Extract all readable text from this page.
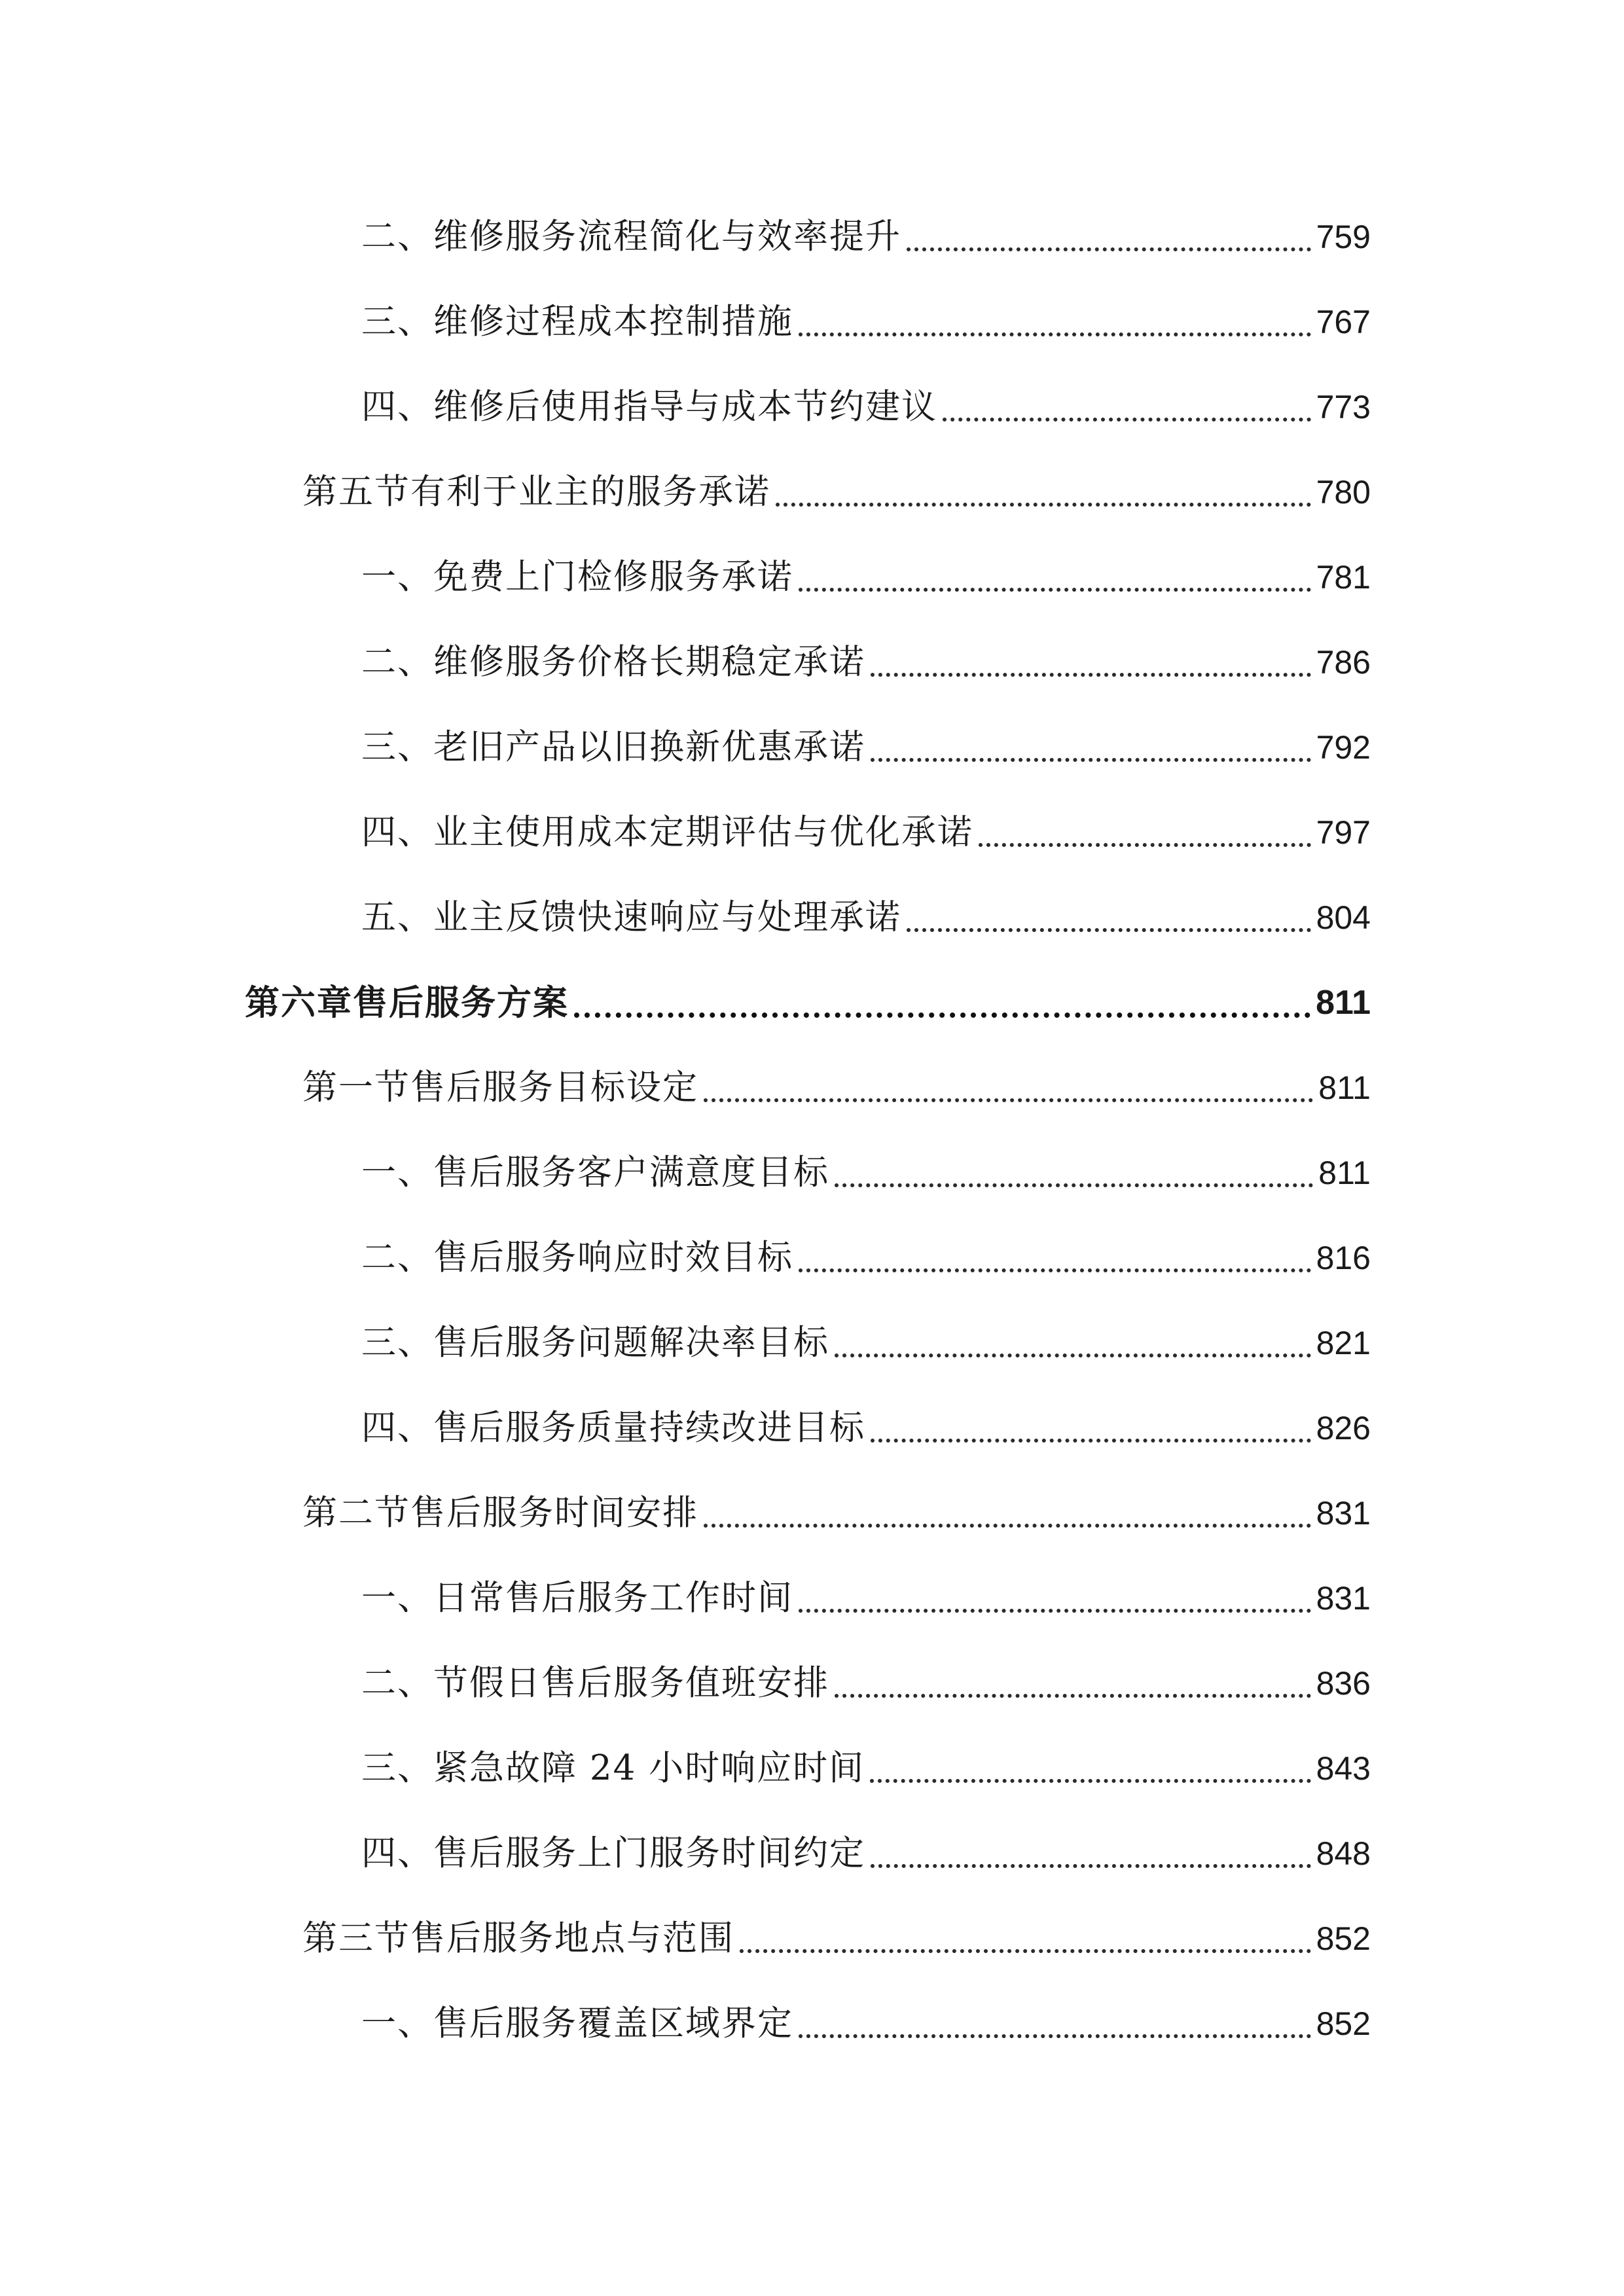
二、维修服务流程简化与效率提升	759
三、维修过程成本控制措施	767
四、维修后使用指导与成本节约建议	773
第五节有利于业主的服务承诺	780
一、免费上门检修服务承诺	781
二、维修服务价格长期稳定承诺	786
三、老旧产品以旧换新优惠承诺	792
四、业主使用成本定期评估与优化承诺	797
五、业主反馈快速响应与处理承诺	804
第六章售后服务方案	811
第一节售后服务目标设定	811
一、售后服务客户满意度目标	811
二、售后服务响应时效目标	816
三、售后服务问题解决率目标	821
四、售后服务质量持续改进目标	826
第二节售后服务时间安排	831
一、日常售后服务工作时间	831
二、节假日售后服务值班安排	836
三、紧急故障 24 小时响应时间	843
四、售后服务上门服务时间约定	848
第三节售后服务地点与范围	852
一、售后服务覆盖区域界定	852
